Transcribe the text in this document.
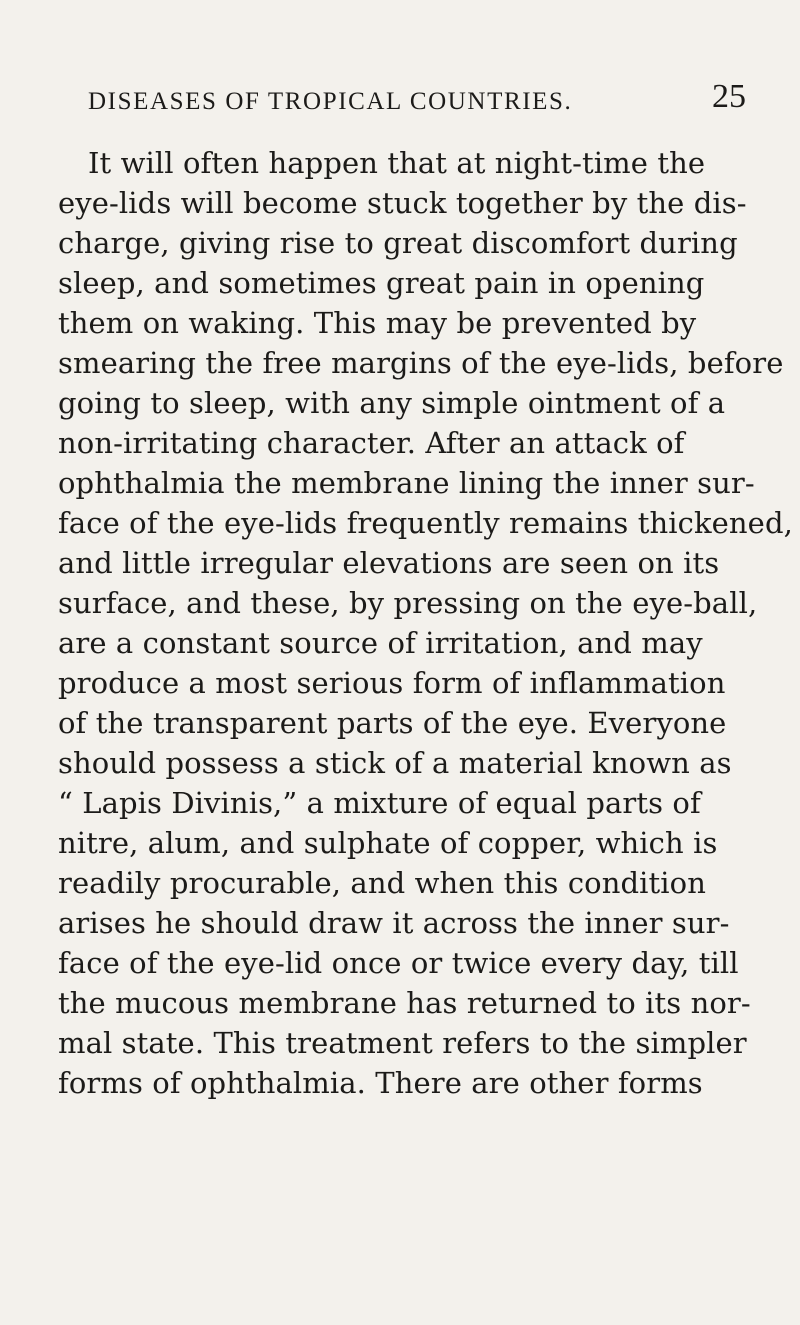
DISEASES OF TROPICAL COUNTRIES.	25
It will often happen that at night-time the
eye-lids will become stuck together by the dis-
charge, giving rise to great discomfort during
sleep, and sometimes great pain in opening
them on waking. This may be prevented by
smearing the free margins of the eye-lids, before
going to sleep, with any simple ointment of a
non-irritating character. After an attack of
ophthalmia the membrane lining the inner sur-
face of the eye-lids frequently remains thickened,
and little irregular elevations are seen on its
surface, and these, by pressing on the eye-ball,
are a constant source of irritation, and may
produce a most serious form of inflammation
of the transparent parts of the eye. Everyone
should possess a stick of a material known as
“ Lapis Divinis,” a mixture of equal parts of
nitre, alum, and sulphate of copper, which is
readily procurable, and when this condition
arises he should draw it across the inner sur-
face of the eye-lid once or twice every day, till
the mucous membrane has returned to its nor-
mal state. This treatment refers to the simpler
forms of ophthalmia. There are other forms
